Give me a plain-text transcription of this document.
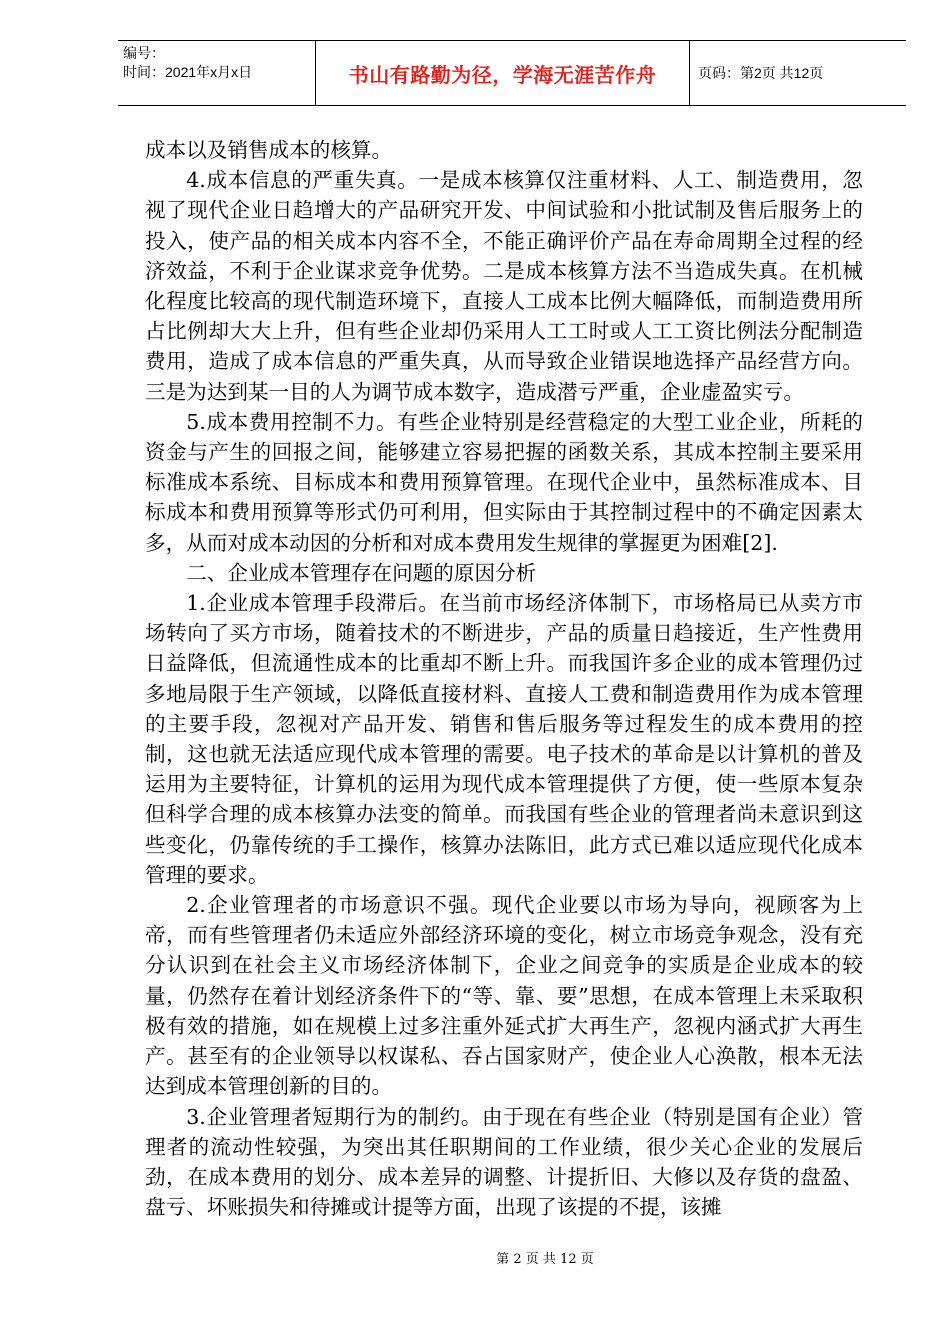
编号：
时间：2021年x月x日	书山有路勤为径，学海无涯苦作舟	页码：第2页 共12页

成本以及销售成本的核算。

4.成本信息的严重失真。一是成本核算仅注重材料、人工、制造费用，忽视了现代企业日趋增大的产品研究开发、中间试验和小批试制及售后服务上的投入，使产品的相关成本内容不全，不能正确评价产品在寿命周期全过程的经济效益，不利于企业谋求竞争优势。二是成本核算方法不当造成失真。在机械化程度比较高的现代制造环境下，直接人工成本比例大幅降低，而制造费用所占比例却大大上升，但有些企业却仍采用人工工时或人工工资比例法分配制造费用，造成了成本信息的严重失真，从而导致企业错误地选择产品经营方向。三是为达到某一目的人为调节成本数字，造成潜亏严重，企业虚盈实亏。

5.成本费用控制不力。有些企业特别是经营稳定的大型工业企业，所耗的资金与产生的回报之间，能够建立容易把握的函数关系，其成本控制主要采用标准成本系统、目标成本和费用预算管理。在现代企业中，虽然标准成本、目标成本和费用预算等形式仍可利用，但实际由于其控制过程中的不确定因素太多，从而对成本动因的分析和对成本费用发生规律的掌握更为困难[2].

二、企业成本管理存在问题的原因分析

1.企业成本管理手段滞后。在当前市场经济体制下，市场格局已从卖方市场转向了买方市场，随着技术的不断进步，产品的质量日趋接近，生产性费用日益降低，但流通性成本的比重却不断上升。而我国许多企业的成本管理仍过多地局限于生产领域，以降低直接材料、直接人工费和制造费用作为成本管理的主要手段，忽视对产品开发、销售和售后服务等过程发生的成本费用的控制，这也就无法适应现代成本管理的需要。电子技术的革命是以计算机的普及运用为主要特征，计算机的运用为现代成本管理提供了方便，使一些原本复杂但科学合理的成本核算办法变的简单。而我国有些企业的管理者尚未意识到这些变化，仍靠传统的手工操作，核算办法陈旧，此方式已难以适应现代化成本管理的要求。

2.企业管理者的市场意识不强。现代企业要以市场为导向，视顾客为上帝，而有些管理者仍未适应外部经济环境的变化，树立市场竞争观念，没有充分认识到在社会主义市场经济体制下，企业之间竞争的实质是企业成本的较量，仍然存在着计划经济条件下的“等、靠、要”思想，在成本管理上未采取积极有效的措施，如在规模上过多注重外延式扩大再生产，忽视内涵式扩大再生产。甚至有的企业领导以权谋私、吞占国家财产，使企业人心涣散，根本无法达到成本管理创新的目的。

3.企业管理者短期行为的制约。由于现在有些企业（特别是国有企业）管理者的流动性较强，为突出其任职期间的工作业绩，很少关心企业的发展后劲，在成本费用的划分、成本差异的调整、计提折旧、大修以及存货的盘盈、盘亏、坏账损失和待摊或计提等方面，出现了该提的不提，该摊

第 2 页 共 12 页
